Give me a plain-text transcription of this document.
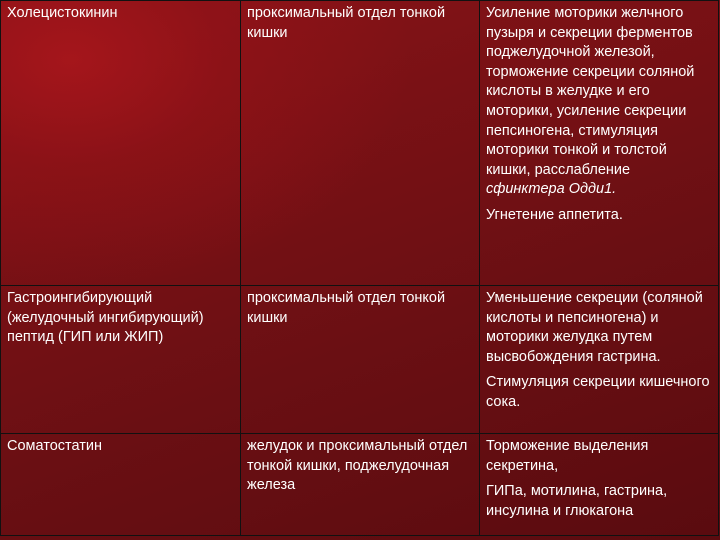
Холецистокинин	проксимальный отдел тонкой кишки	Усиление моторики желчного пузыря и секреции ферментов поджелудочной железой, торможение секреции соляной кислоты в желудке и его моторики, усиление секреции пепсиногена, стимуляция моторики тонкой и толстой кишки, расслабление сфинктера Одди1.
Угнетение аппетита.

Гастроингибирующий (желудочный ингибирующий) пептид (ГИП или ЖИП)	проксимальный отдел тонкой кишки	Уменьшение секреции (соляной кислоты и пепсиногена) и моторики желудка путем высвобождения гастрина.
Стимуляция секреции кишечного сока.

Соматостатин	желудок и проксимальный отдел тонкой кишки, поджелудочная железа	Торможение выделения секретина,
ГИПа, мотилина, гастрина, инсулина и глюкагона
